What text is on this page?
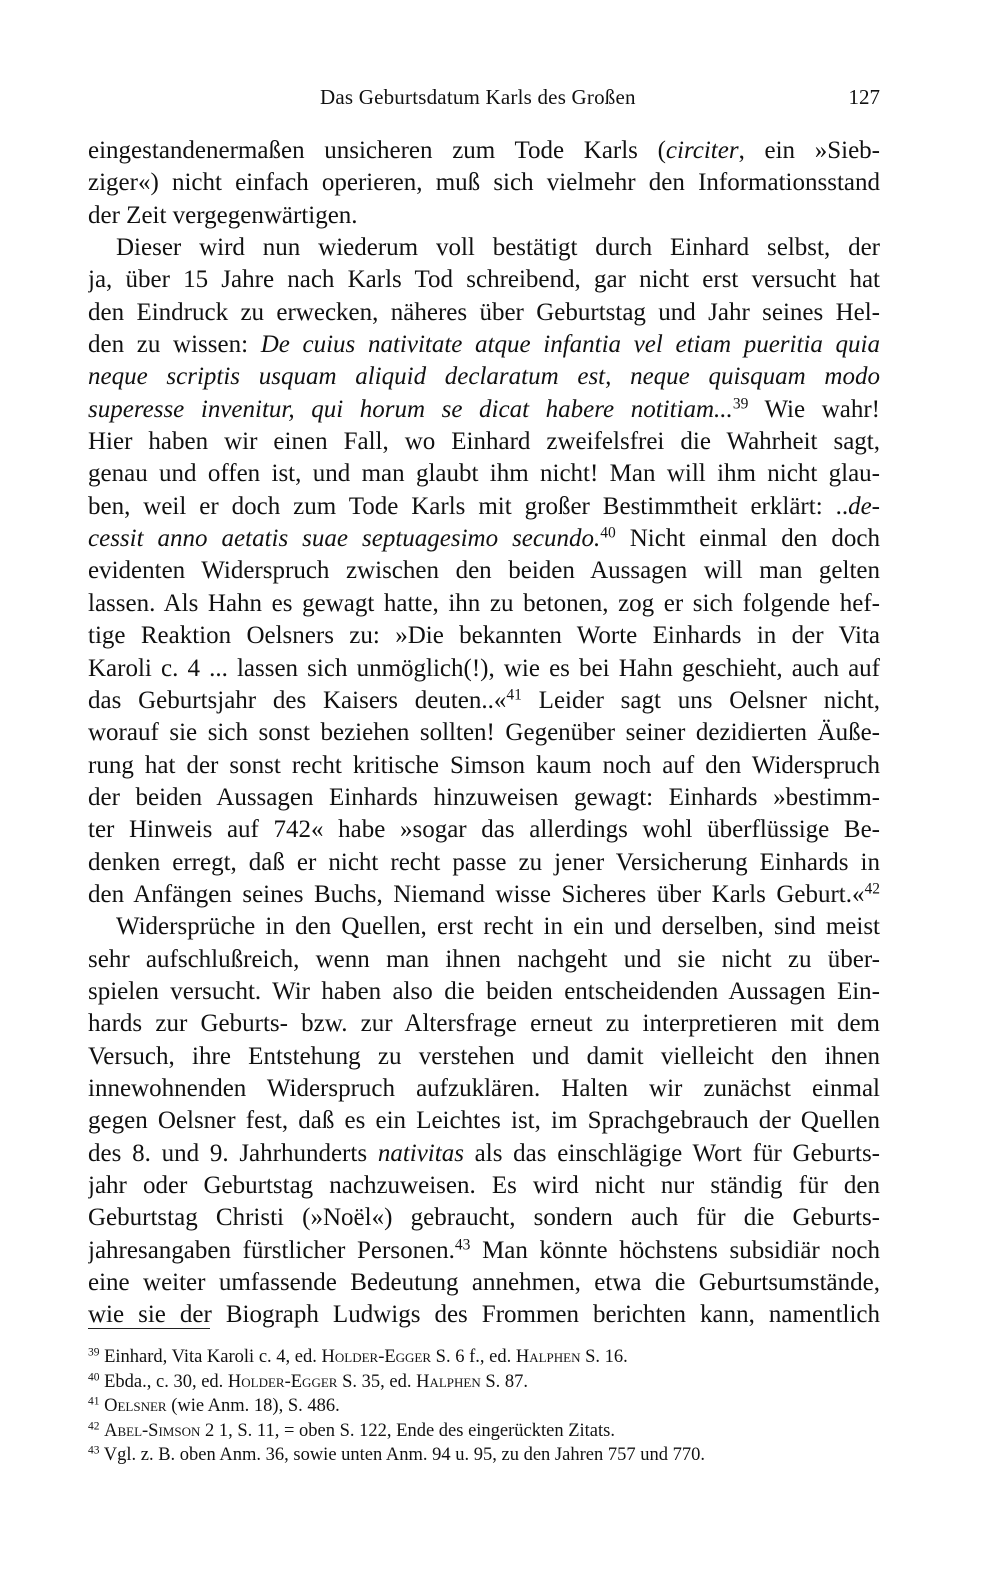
Das Geburtsdatum Karls des Großen	127
eingestandenermaßen unsicheren zum Tode Karls (circiter, ein »Sieb-
ziger«) nicht einfach operieren, muß sich vielmehr den Informationsstand
der Zeit vergegenwärtigen.
Dieser wird nun wiederum voll bestätigt durch Einhard selbst, der
ja, über 15 Jahre nach Karls Tod schreibend, gar nicht erst versucht hat
den Eindruck zu erwecken, näheres über Geburtstag und Jahr seines Hel-
den zu wissen: De cuius nativitate atque infantia vel etiam pueritia quia
neque scriptis usquam aliquid declaratum est, neque quisquam modo
superesse invenitur, qui horum se dicat habere notitiam...$^{39}$ Wie wahr!
Hier haben wir einen Fall, wo Einhard zweifelsfrei die Wahrheit sagt,
genau und offen ist, und man glaubt ihm nicht! Man will ihm nicht glau-
ben, weil er doch zum Tode Karls mit großer Bestimmtheit erklärt: ..de-
cessit anno aetatis suae septuagesimo secundo.$^{40}$ Nicht einmal den doch
evidenten Widerspruch zwischen den beiden Aussagen will man gelten
lassen. Als Hahn es gewagt hatte, ihn zu betonen, zog er sich folgende hef-
tige Reaktion Oelsners zu: »Die bekannten Worte Einhards in der Vita
Karoli c. 4 ... lassen sich unmöglich(!), wie es bei Hahn geschieht, auch auf
das Geburtsjahr des Kaisers deuten..«$^{41}$ Leider sagt uns Oelsner nicht,
worauf sie sich sonst beziehen sollten! Gegenüber seiner dezidierten Äuße-
rung hat der sonst recht kritische Simson kaum noch auf den Widerspruch
der beiden Aussagen Einhards hinzuweisen gewagt: Einhards »bestimm-
ter Hinweis auf 742« habe »sogar das allerdings wohl überflüssige Be-
denken erregt, daß er nicht recht passe zu jener Versicherung Einhards in
den Anfängen seines Buchs, Niemand wisse Sicheres über Karls Geburt.«$^{42}$
Widersprüche in den Quellen, erst recht in ein und derselben, sind meist
sehr aufschlußreich, wenn man ihnen nachgeht und sie nicht zu über-
spielen versucht. Wir haben also die beiden entscheidenden Aussagen Ein-
hards zur Geburts- bzw. zur Altersfrage erneut zu interpretieren mit dem
Versuch, ihre Entstehung zu verstehen und damit vielleicht den ihnen
innewohnenden Widerspruch aufzuklären. Halten wir zunächst einmal
gegen Oelsner fest, daß es ein Leichtes ist, im Sprachgebrauch der Quellen
des 8. und 9. Jahrhunderts nativitas als das einschlägige Wort für Geburts-
jahr oder Geburtstag nachzuweisen. Es wird nicht nur ständig für den
Geburtstag Christi (»Noël«) gebraucht, sondern auch für die Geburts-
jahresangaben fürstlicher Personen.$^{43}$ Man könnte höchstens subsidiär noch
eine weiter umfassende Bedeutung annehmen, etwa die Geburtsumstände,
wie sie der Biograph Ludwigs des Frommen berichten kann, namentlich
$^{39}$ Einhard, Vita Karoli c. 4, ed. Holder-Egger S. 6 f., ed. Halphen S. 16.
$^{40}$ Ebda., c. 30, ed. Holder-Egger S. 35, ed. Halphen S. 87.
$^{41}$ Oelsner (wie Anm. 18), S. 486.
$^{42}$ Abel-Simson 2 1, S. 11, = oben S. 122, Ende des eingerückten Zitats.
$^{43}$ Vgl. z. B. oben Anm. 36, sowie unten Anm. 94 u. 95, zu den Jahren 757 und 770.
